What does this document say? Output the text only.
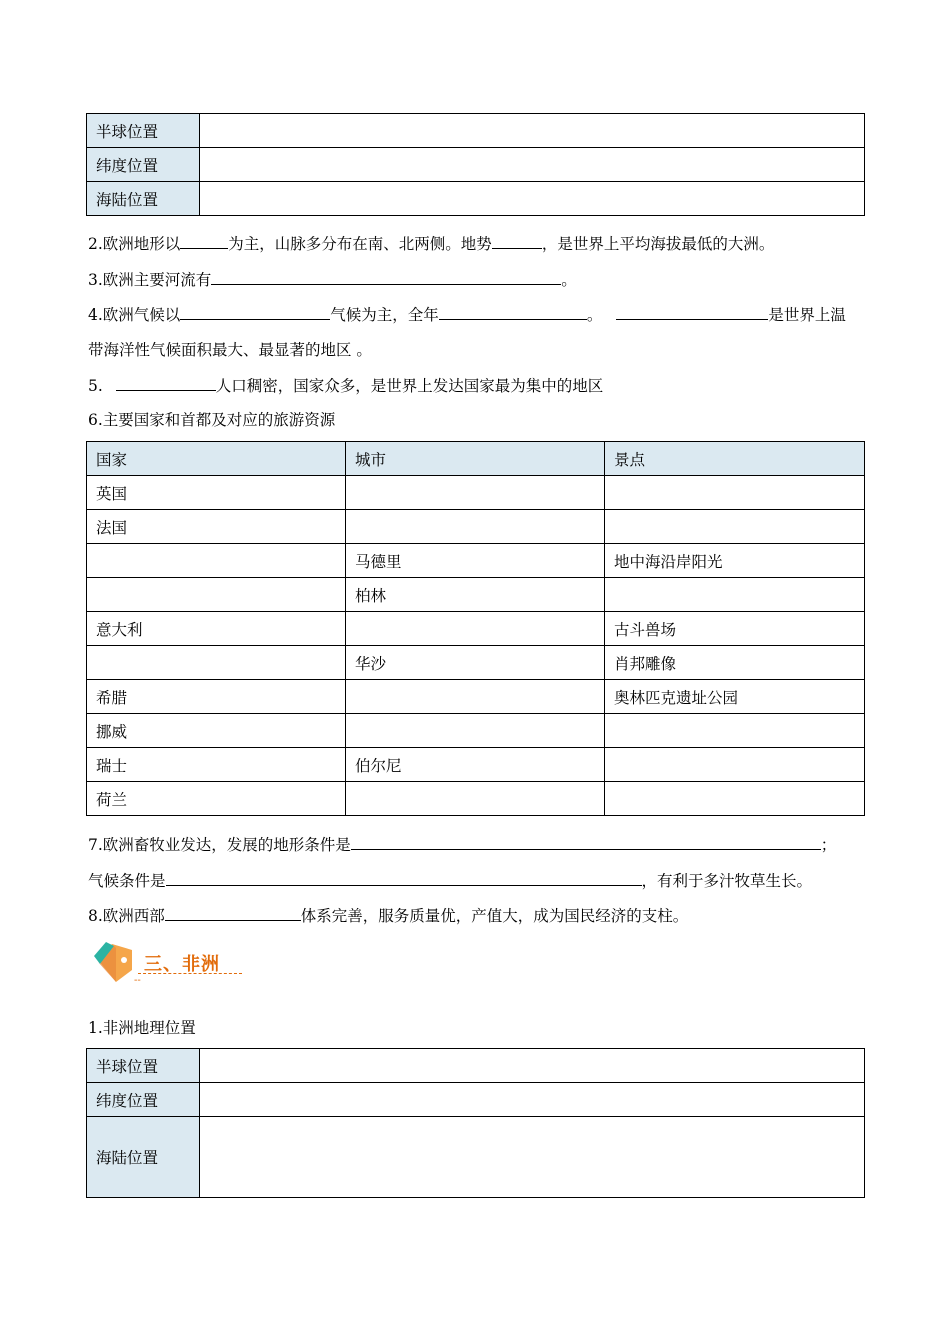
半球位置	
纬度位置	
海陆位置	
2.欧洲地形以	为主，山脉多分布在南、北两侧。地势	，是世界上平均海拔最低的大洲。
3.欧洲主要河流有	。
4.欧洲气候以	气候为主，全年	。	是世界上温
带海洋性气候面积最大、最显著的地区 。
5.	人口稠密，国家众多，是世界上发达国家最为集中的地区
6.主要国家和首都及对应的旅游资源
国家	城市	景点
英国		
法国		
	马德里	地中海沿岸阳光
	柏林	
意大利		古斗兽场
	华沙	肖邦雕像
希腊		奥林匹克遗址公园
挪威		
瑞士	伯尔尼	
荷兰		
7.欧洲畜牧业发达，发展的地形条件是	；
气候条件是	，有利于多汁牧草生长。
8.欧洲西部	体系完善，服务质量优，产值大，成为国民经济的支柱。
三、非洲
--
1.非洲地理位置
半球位置	
纬度位置	
海陆位置	
